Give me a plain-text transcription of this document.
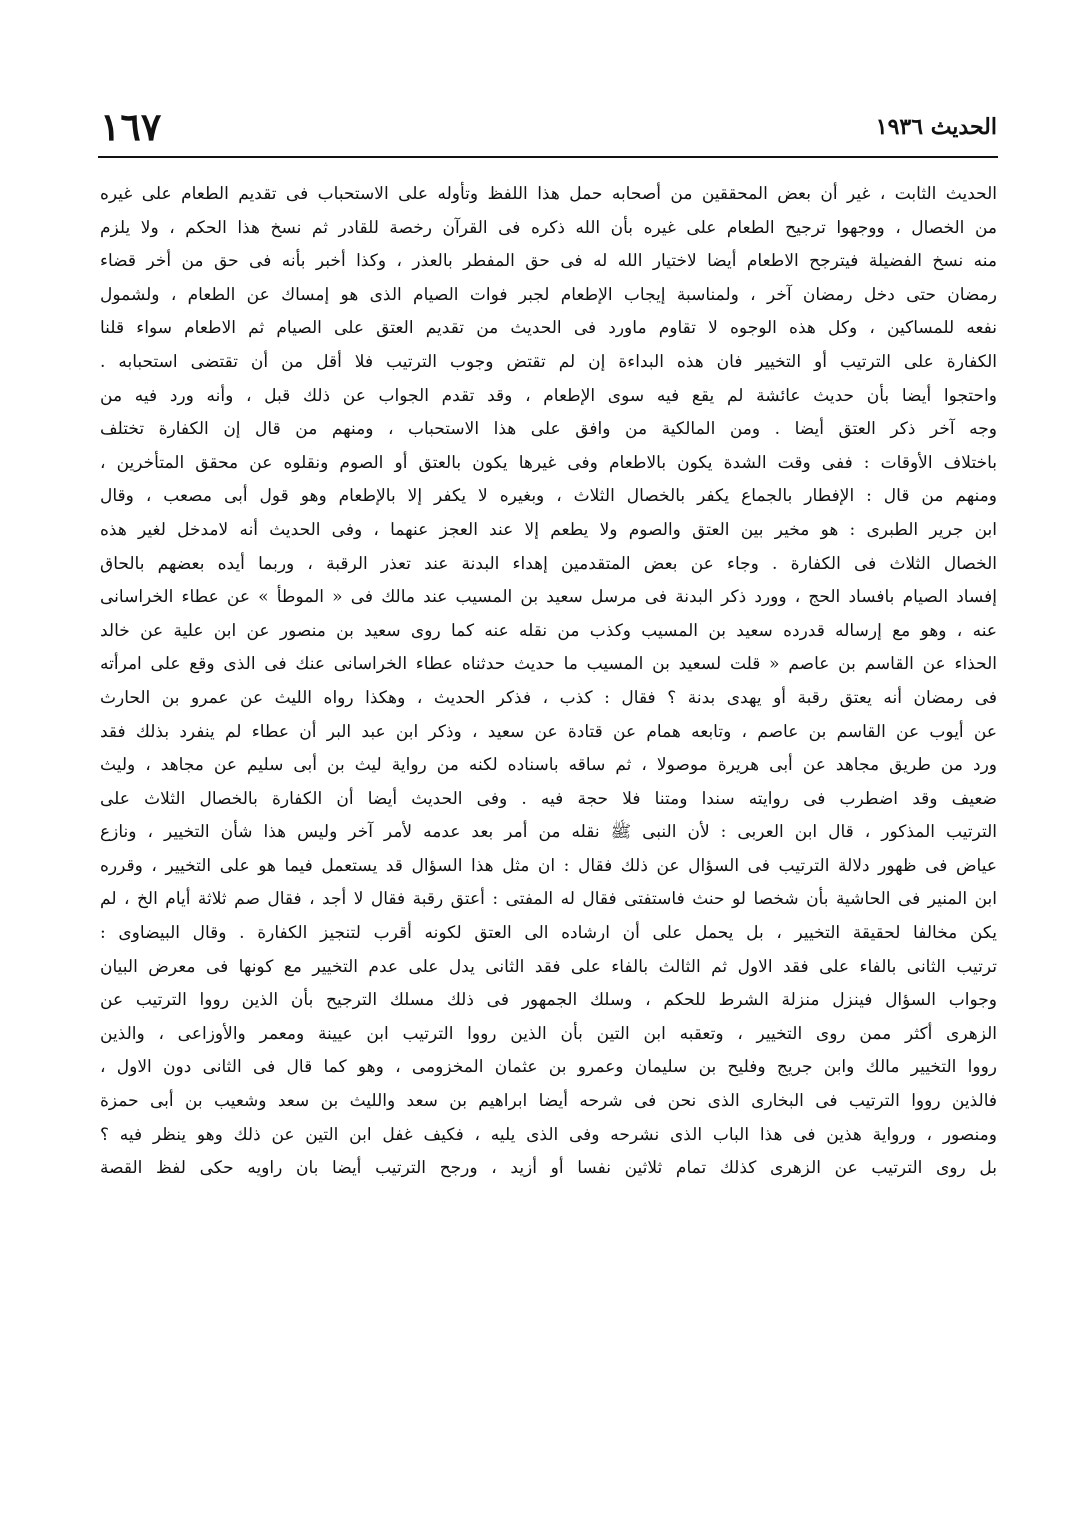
الحديث ١٩٣٦
١٦٧
الحديث الثابت ، غير أن بعض المحققين من أصحابه حمل هذا اللفظ وتأوله على الاستحباب فى تقديم الطعام على غيره
من الخصال ، ووجهوا ترجيح الطعام على غيره بأن الله ذكره فى القرآن رخصة للقادر ثم نسخ هذا الحكم ، ولا يلزم
منه نسخ الفضيلة فيترجح الاطعام أيضا لاختيار الله له فى حق المفطر بالعذر ، وكذا أخبر بأنه فى حق من أخر قضاء
رمضان حتى دخل رمضان آخر ، ولمناسبة إيجاب الإطعام لجبر فوات الصيام الذى هو إمساك عن الطعام ، ولشمول
نفعه للمساكين ، وكل هذه الوجوه لا تقاوم ماورد فى الحديث من تقديم العتق على الصيام ثم الاطعام سواء قلنا
الكفارة على الترتيب أو التخيير فان هذه البداءة إن لم تقتض وجوب الترتيب فلا أقل من أن تقتضى استحبابه .
واحتجوا أيضا بأن حديث عائشة لم يقع فيه سوى الإطعام ، وقد تقدم الجواب عن ذلك قبل ، وأنه ورد فيه من
وجه آخر ذكر العتق أيضا . ومن المالكية من وافق على هذا الاستحباب ، ومنهم من قال إن الكفارة تختلف
باختلاف الأوقات : ففى وقت الشدة يكون بالاطعام وفى غيرها يكون بالعتق أو الصوم ونقلوه عن محقق المتأخرين ،
ومنهم من قال : الإفطار بالجماع يكفر بالخصال الثلاث ، وبغيره لا يكفر إلا بالإطعام وهو قول أبى مصعب ، وقال
ابن جرير الطبرى : هو مخير بين العتق والصوم ولا يطعم إلا عند العجز عنهما ، وفى الحديث أنه لامدخل لغير هذه
الخصال الثلاث فى الكفارة . وجاء عن بعض المتقدمين إهداء البدنة عند تعذر الرقبة ، وربما أيده بعضهم بالحاق
إفساد الصيام بافساد الحج ، وورد ذكر البدنة فى مرسل سعيد بن المسيب عند مالك فى « الموطأ » عن عطاء الخراسانى
عنه ، وهو مع إرساله قدرده سعيد بن المسيب وكذب من نقله عنه كما روى سعيد بن منصور عن ابن علية عن خالد
الحذاء عن القاسم بن عاصم « قلت لسعيد بن المسيب ما حديث حدثناه عطاء الخراسانى عنك فى الذى وقع على امرأته
فى رمضان أنه يعتق رقبة أو يهدى بدنة ؟ فقال : كذب ، فذكر الحديث ، وهكذا رواه الليث عن عمرو بن الحارث
عن أيوب عن القاسم بن عاصم ، وتابعه همام عن قتادة عن سعيد ، وذكر ابن عبد البر أن عطاء لم ينفرد بذلك فقد
ورد من طريق مجاهد عن أبى هريرة موصولا ، ثم ساقه باسناده لكنه من رواية ليث بن أبى سليم عن مجاهد ، وليث
ضعيف وقد اضطرب فى روايته سندا ومتنا فلا حجة فيه . وفى الحديث أيضا أن الكفارة بالخصال الثلاث على
الترتيب المذكور ، قال ابن العربى : لأن النبى ﷺ نقله من أمر بعد عدمه لأمر آخر وليس هذا شأن التخيير ، ونازع
عياض فى ظهور دلالة الترتيب فى السؤال عن ذلك فقال : ان مثل هذا السؤال قد يستعمل فيما هو على التخيير ، وقرره
ابن المنير فى الحاشية بأن شخصا لو حنث فاستفتى فقال له المفتى : أعتق رقبة فقال لا أجد ، فقال صم ثلاثة أيام الخ ، لم
يكن مخالفا لحقيقة التخيير ، بل يحمل على أن ارشاده الى العتق لكونه أقرب لتنجيز الكفارة . وقال البيضاوى :
ترتيب الثانى بالفاء على فقد الاول ثم الثالث بالفاء على فقد الثانى يدل على عدم التخيير مع كونها فى معرض البيان
وجواب السؤال فينزل منزلة الشرط للحكم ، وسلك الجمهور فى ذلك مسلك الترجيح بأن الذين رووا الترتيب عن
الزهرى أكثر ممن روى التخيير ، وتعقبه ابن التين بأن الذين رووا الترتيب ابن عيينة ومعمر والأوزاعى ، والذين
رووا التخيير مالك وابن جريج وفليح بن سليمان وعمرو بن عثمان المخزومى ، وهو كما قال فى الثانى دون الاول ،
فالذين رووا الترتيب فى البخارى الذى نحن فى شرحه أيضا ابراهيم بن سعد والليث بن سعد وشعيب بن أبى حمزة
ومنصور ، ورواية هذين فى هذا الباب الذى نشرحه وفى الذى يليه ، فكيف غفل ابن التين عن ذلك وهو ينظر فيه ؟
بل روى الترتيب عن الزهرى كذلك تمام ثلاثين نفسا أو أزيد ، ورجح الترتيب أيضا بان راويه حكى لفظ القصة
